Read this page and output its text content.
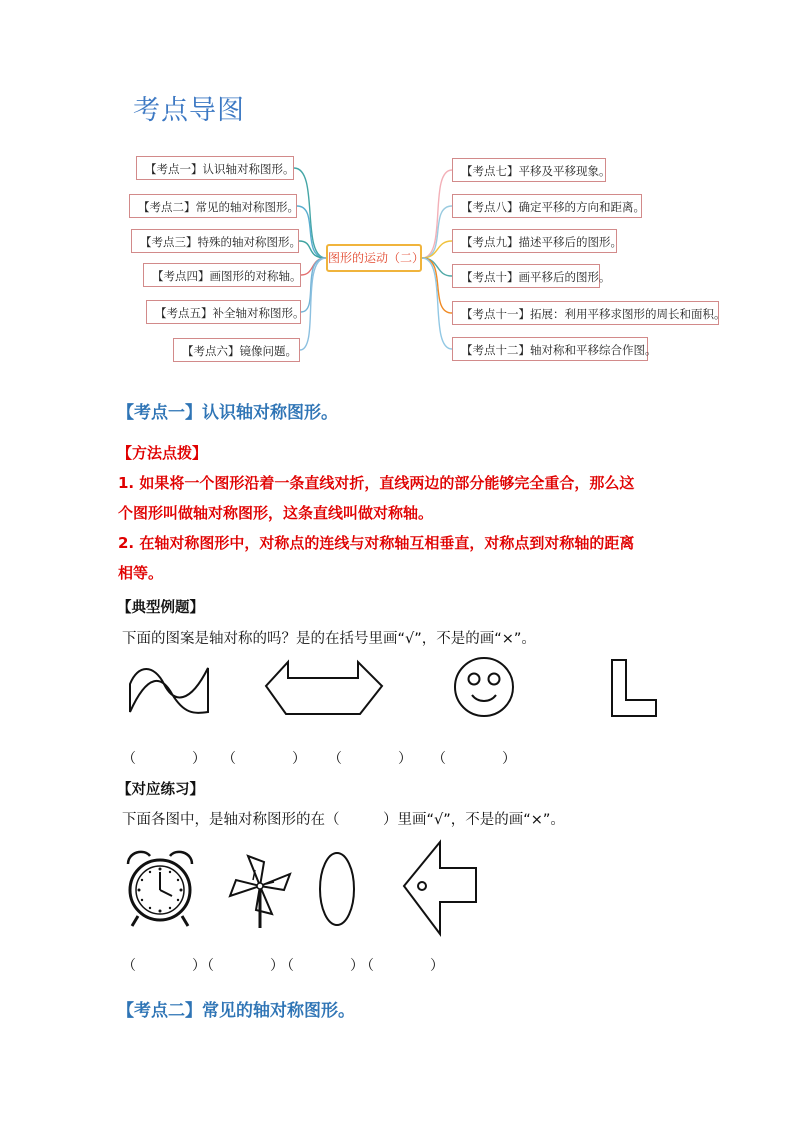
考点导图
【考点一】认识轴对称图形。
【考点二】常见的轴对称图形。
【考点三】特殊的轴对称图形。
【考点四】画图形的对称轴。
【考点五】补全轴对称图形。
【考点六】镜像问题。
图形的运动（二）
【考点七】平移及平移现象。
【考点八】确定平移的方向和距离。
【考点九】描述平移后的图形。
【考点十】画平移后的图形。
【考点十一】拓展：利用平移求图形的周长和面积。
【考点十二】轴对称和平移综合作图。
【考点一】认识轴对称图形。
【方法点拨】
1. 如果将一个图形沿着一条直线对折，直线两边的部分能够完全重合，那么这
个图形叫做轴对称图形，这条直线叫做对称轴。
2. 在轴对称图形中，对称点的连线与对称轴互相垂直，对称点到对称轴的距离
相等。
【典型例题】
下面的图案是轴对称的吗？是的在括号里画“√”，不是的画“×”。
（　　　　） （　　　　） （　　　　） （　　　　）
【对应练习】
下面各图中，是轴对称图形的在（　　　）里画“√”，不是的画“×”。
（　　　　）
（　　　　）
（　　　　）
（　　　　）
【考点二】常见的轴对称图形。
